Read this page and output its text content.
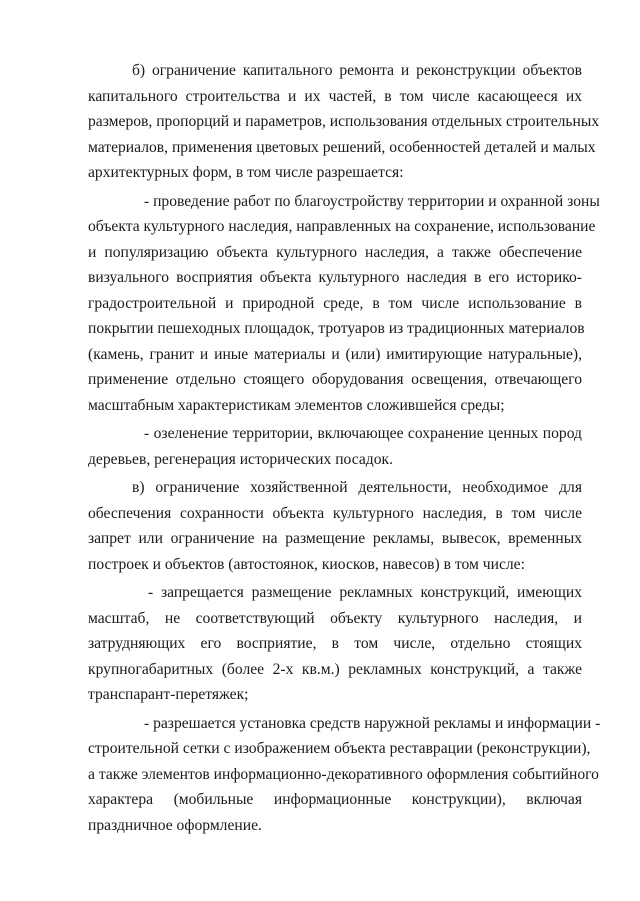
б) ограничение капитального ремонта и реконструкции объектов
капитального строительства и их частей, в том числе касающееся их
размеров, пропорций и параметров, использования отдельных строительных
материалов, применения цветовых решений, особенностей деталей и малых
архитектурных форм, в том числе разрешается:

- проведение работ по благоустройству территории и охранной зоны
объекта культурного наследия, направленных на сохранение, использование
и популяризацию объекта культурного наследия, а также обеспечение
визуального восприятия объекта культурного наследия в его историко-
градостроительной и природной среде, в том числе использование в
покрытии пешеходных площадок, тротуаров из традиционных материалов
(камень, гранит и иные материалы и (или) имитирующие натуральные),
применение отдельно стоящего оборудования освещения, отвечающего
масштабным характеристикам элементов сложившейся среды;

- озеленение территории, включающее сохранение ценных пород
деревьев, регенерация исторических посадок.

в) ограничение хозяйственной деятельности, необходимое для
обеспечения сохранности объекта культурного наследия, в том числе
запрет или ограничение на размещение рекламы, вывесок, временных
построек и объектов (автостоянок, киосков, навесов) в том числе:

- запрещается размещение рекламных конструкций, имеющих
масштаб, не соответствующий объекту культурного наследия, и
затрудняющих его восприятие, в том числе, отдельно стоящих
крупногабаритных (более 2-х кв.м.) рекламных конструкций, а также
транспарант-перетяжек;

- разрешается установка средств наружной рекламы и информации -
строительной сетки с изображением объекта реставрации (реконструкции),
а также элементов информационно-декоративного оформления событийного
характера (мобильные информационные конструкции), включая
праздничное оформление.
